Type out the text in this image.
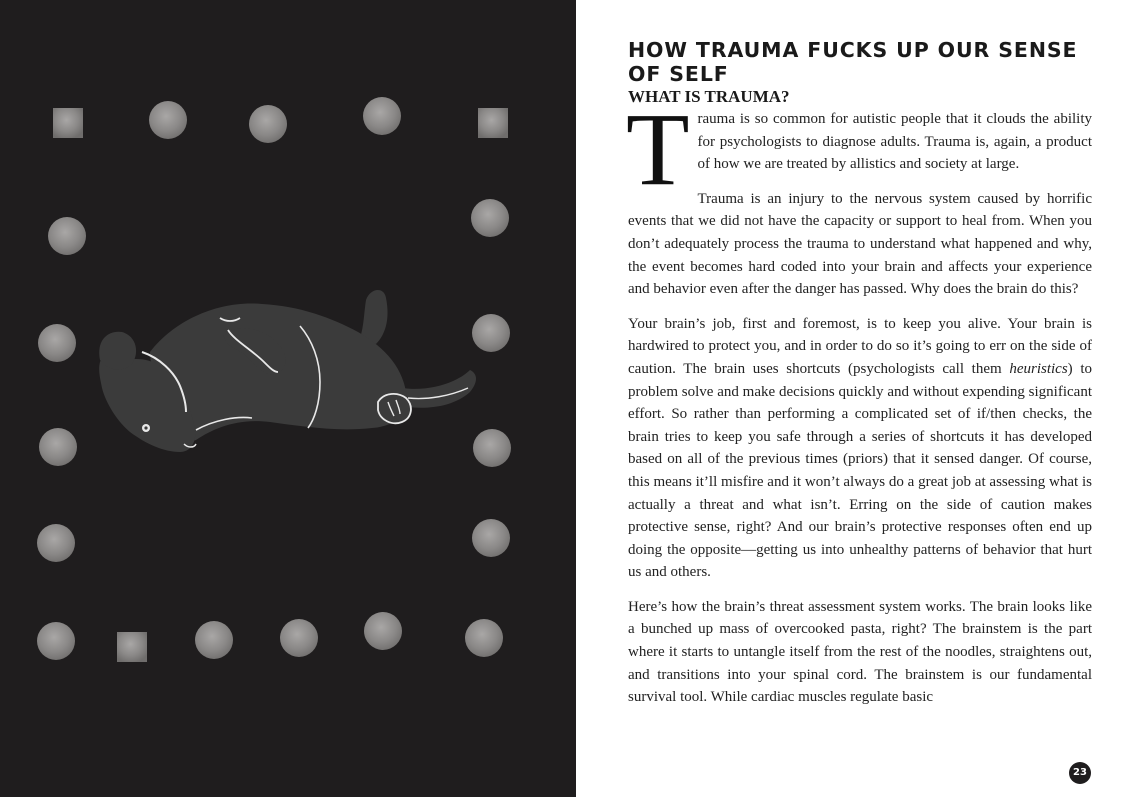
HOW TRAUMA FUCKS UP OUR SENSE OF SELF
WHAT IS TRAUMA?

Trauma is so common for autistic people that it clouds the ability for psychologists to diagnose adults. Trauma is, again, a product of how we are treated by allistics and society at large.

Trauma is an injury to the nervous system caused by horrific events that we did not have the capacity or support to heal from. When you don’t adequately process the trauma to understand what happened and why, the event becomes hard coded into your brain and affects your experience and behavior even after the danger has passed. Why does the brain do this?

Your brain’s job, first and foremost, is to keep you alive. Your brain is hardwired to protect you, and in order to do so it’s going to err on the side of caution. The brain uses shortcuts (psychologists call them heuristics) to problem solve and make decisions quickly and without expending significant effort. So rather than performing a complicated set of if/then checks, the brain tries to keep you safe through a series of shortcuts it has developed based on all of the previous times (priors) that it sensed danger. Of course, this means it’ll misfire and it won’t always do a great job at assessing what is actually a threat and what isn’t. Erring on the side of caution makes protective sense, right? And our brain’s protective responses often end up doing the opposite—getting us into unhealthy patterns of behavior that hurt us and others.

Here’s how the brain’s threat assessment system works. The brain looks like a bunched up mass of overcooked pasta, right? The brainstem is the part where it starts to untangle itself from the rest of the noodles, straightens out, and transitions into your spinal cord. The brainstem is our fundamental survival tool. While cardiac muscles regulate basic

23
